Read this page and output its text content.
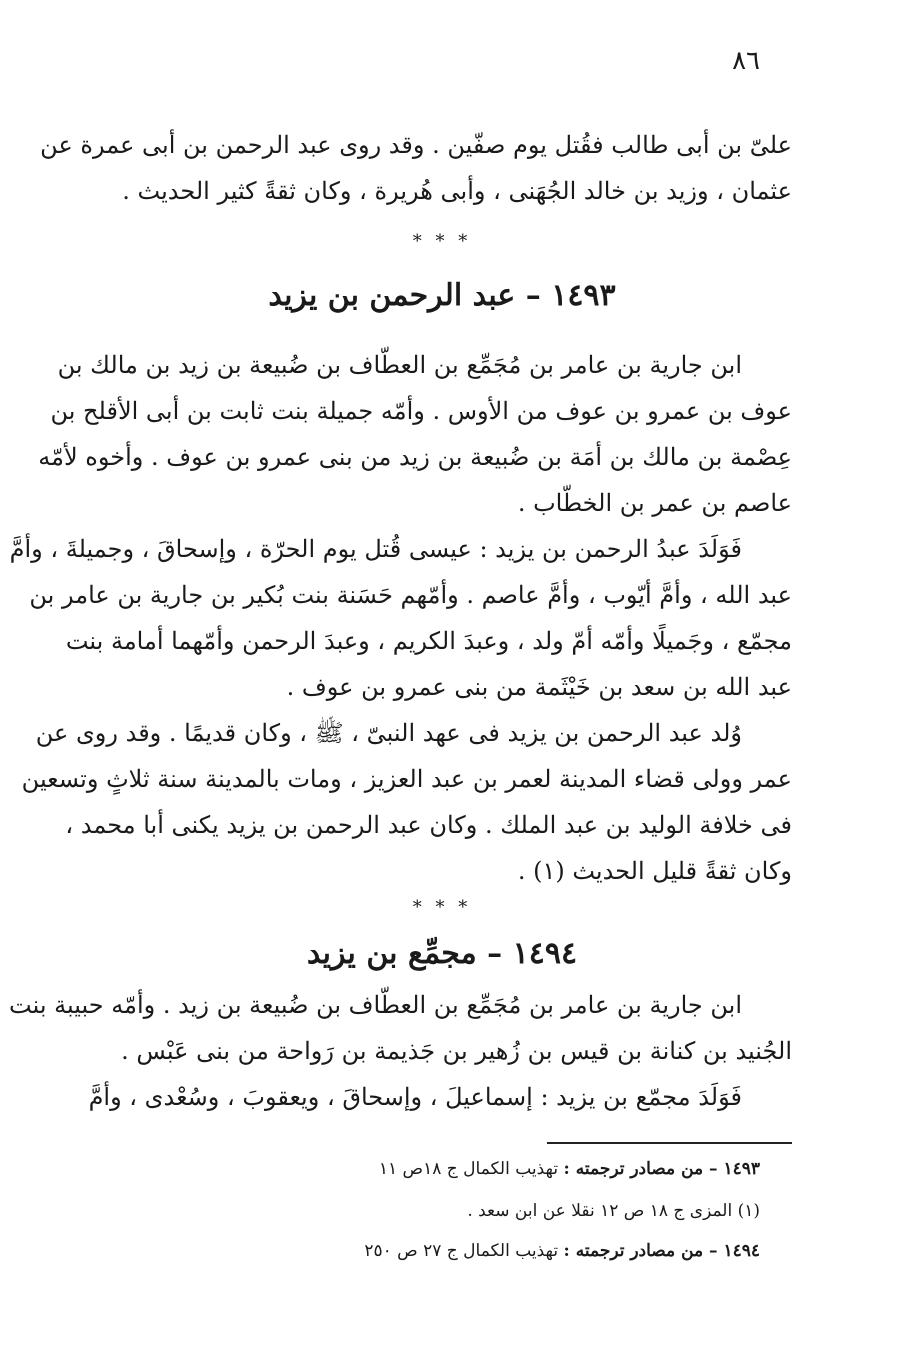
٨٦

علىّ بن أبى طالب فقُتل يوم صفّين . وقد روى عبد الرحمن بن أبى عمرة عن

عثمان ، وزيد بن خالد الجُهَنى ، وأبى هُريرة ، وكان ثقةً كثير الحديث .

* * *

١٤٩٣ – عبد الرحمن بن يزيد

ابن جارية بن عامر بن مُجَمِّع بن العطّاف بن ضُبيعة بن زيد بن مالك بن

عوف بن عمرو بن عوف من الأوس . وأمّه جميلة بنت ثابت بن أبى الأقلح بن

عِصْمة بن مالك بن أمَة بن ضُبيعة بن زيد من بنى عمرو بن عوف . وأخوه لأمّه

عاصم بن عمر بن الخطّاب .

فَوَلَدَ عبدُ الرحمن بن يزيد : عيسى قُتل يوم الحرّة ، وإسحاقَ ، وجميلةَ ، وأمَّ

عبد الله ، وأمَّ أيّوب ، وأمَّ عاصم . وأمّهم حَسَنة بنت بُكير بن جارية بن عامر بن

مجمّع ، وجَميلًا وأمّه أمّ ولد ، وعبدَ الكريم ، وعبدَ الرحمن وأمّهما أمامة بنت

عبد الله بن سعد بن خَيْثَمة من بنى عمرو بن عوف .

وُلد عبد الرحمن بن يزيد فى عهد النبىّ ، ﷺ ، وكان قديمًا . وقد روى عن

عمر وولى قضاء المدينة لعمر بن عبد العزيز ، ومات بالمدينة سنة ثلاثٍ وتسعين

فى خلافة الوليد بن عبد الملك . وكان عبد الرحمن بن يزيد يكنى أبا محمد ،

وكان ثقةً قليل الحديث (١) .

* * *

١٤٩٤ – مجمِّع بن يزيد

ابن جارية بن عامر بن مُجَمِّع بن العطّاف بن ضُبيعة بن زيد . وأمّه حبيبة بنت

الجُنيد بن كنانة بن قيس بن زُهير بن جَذيمة بن رَواحة من بنى عَبْس .

فَوَلَدَ مجمّع بن يزيد : إسماعيلَ ، وإسحاقَ ، ويعقوبَ ، وسُعْدى ، وأمَّ

١٤٩٣ – من مصادر ترجمته : تهذيب الكمال ج ١٨ص ١١

(١) المزى ج ١٨ ص ١٢ نقلا عن ابن سعد .

١٤٩٤ – من مصادر ترجمته : تهذيب الكمال ج ٢٧ ص ٢٥٠
